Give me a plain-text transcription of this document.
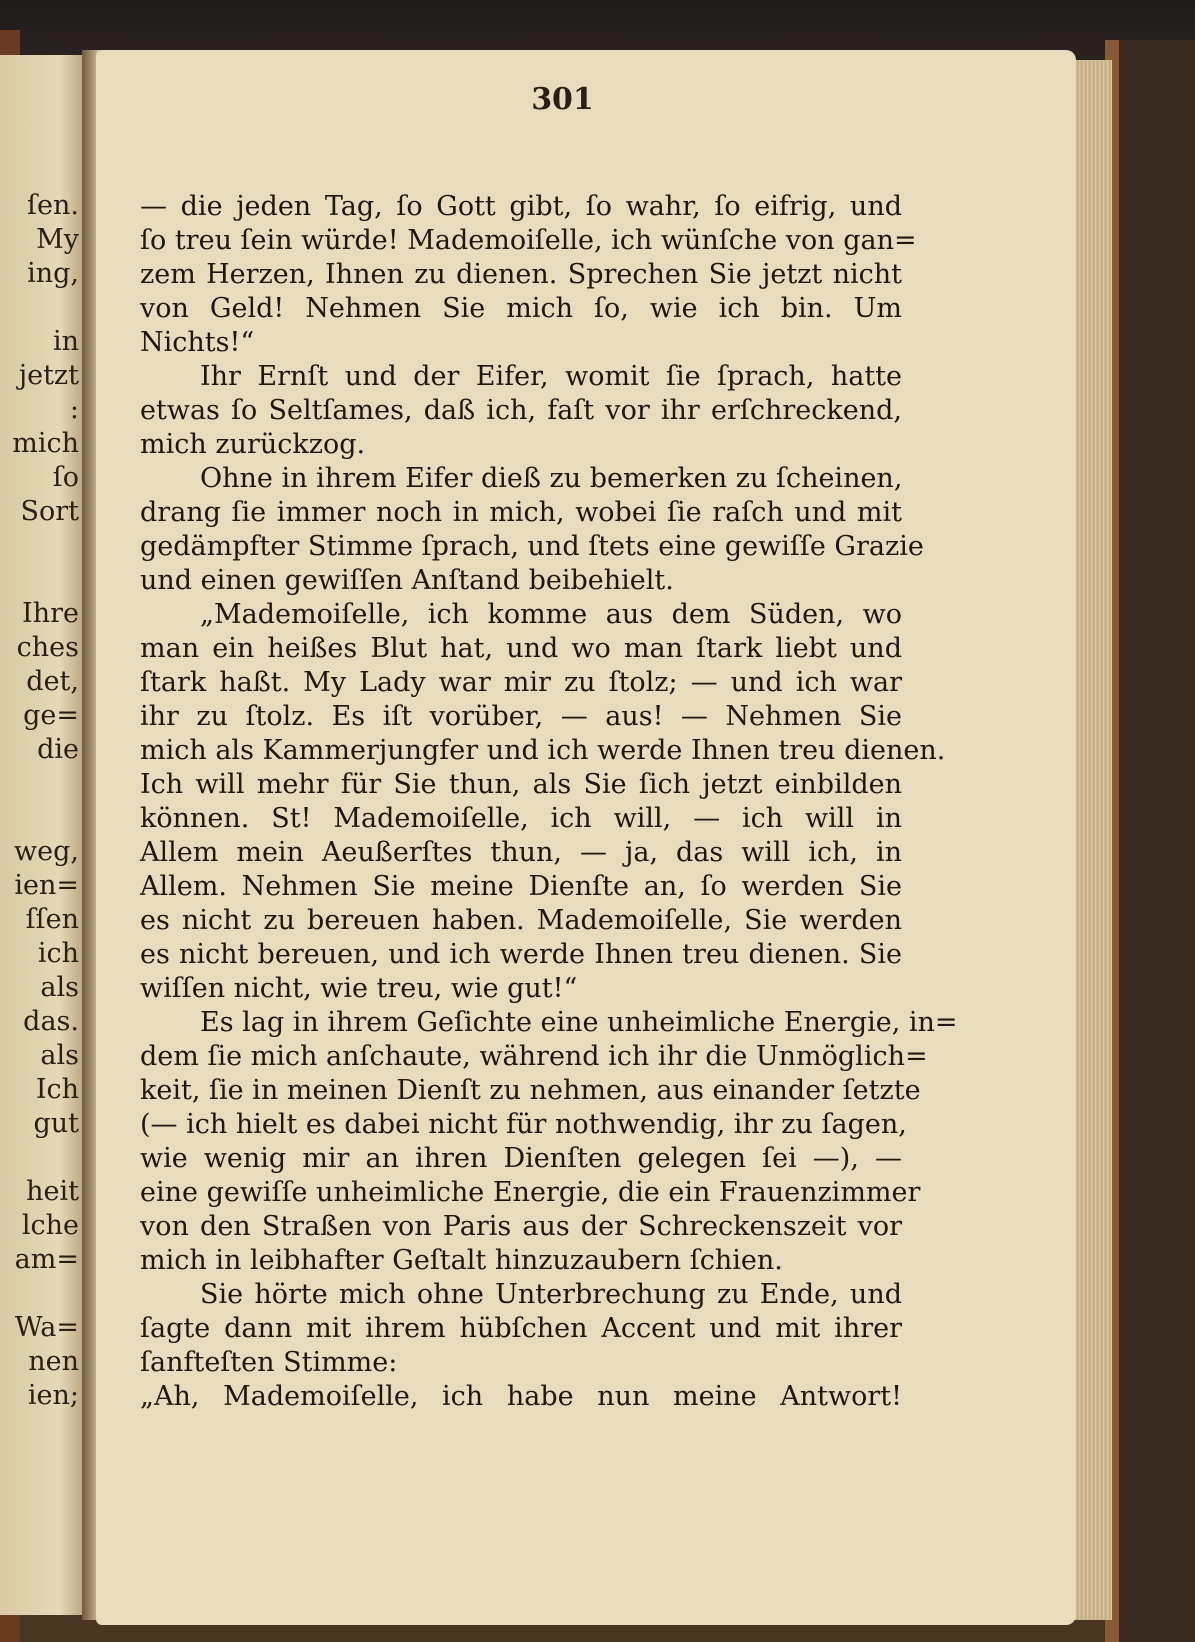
ſen.
My
ing,
in
jetzt
:
mich
ſo
Sort
Ihre
ches
det,
ge=
die
weg,
ien=
ſſen
ich
als
das.
als
Ich
gut
heit
lche
am=
Wa=
nen
ien;
301
— die jeden Tag, ſo Gott gibt, ſo wahr, ſo eifrig, und
ſo treu ſein würde! Mademoiſelle, ich wünſche von gan=
zem Herzen, Ihnen zu dienen. Sprechen Sie jetzt nicht
von Geld! Nehmen Sie mich ſo, wie ich bin. Um
Nichts!“
Ihr Ernſt und der Eifer, womit ſie ſprach, hatte
etwas ſo Seltſames, daß ich, faſt vor ihr erſchreckend,
mich zurückzog.
Ohne in ihrem Eifer dieß zu bemerken zu ſcheinen,
drang ſie immer noch in mich, wobei ſie raſch und mit
gedämpfter Stimme ſprach, und ſtets eine gewiſſe Grazie
und einen gewiſſen Anſtand beibehielt.
„Mademoiſelle, ich komme aus dem Süden, wo
man ein heißes Blut hat, und wo man ſtark liebt und
ſtark haßt. My Lady war mir zu ſtolz; — und ich war
ihr zu ſtolz. Es iſt vorüber, — aus! — Nehmen Sie
mich als Kammerjungfer und ich werde Ihnen treu dienen.
Ich will mehr für Sie thun, als Sie ſich jetzt einbilden
können. St! Mademoiſelle, ich will, — ich will in
Allem mein Aeußerſtes thun, — ja, das will ich, in
Allem. Nehmen Sie meine Dienſte an, ſo werden Sie
es nicht zu bereuen haben. Mademoiſelle, Sie werden
es nicht bereuen, und ich werde Ihnen treu dienen. Sie
wiſſen nicht, wie treu, wie gut!“
Es lag in ihrem Geſichte eine unheimliche Energie, in=
dem ſie mich anſchaute, während ich ihr die Unmöglich=
keit, ſie in meinen Dienſt zu nehmen, aus einander ſetzte
(— ich hielt es dabei nicht für nothwendig, ihr zu ſagen,
wie wenig mir an ihren Dienſten gelegen ſei —), —
eine gewiſſe unheimliche Energie, die ein Frauenzimmer
von den Straßen von Paris aus der Schreckenszeit vor
mich in leibhafter Geſtalt hinzuzaubern ſchien.
Sie hörte mich ohne Unterbrechung zu Ende, und
ſagte dann mit ihrem hübſchen Accent und mit ihrer
ſanfteſten Stimme:
„Ah, Mademoiſelle, ich habe nun meine Antwort!
